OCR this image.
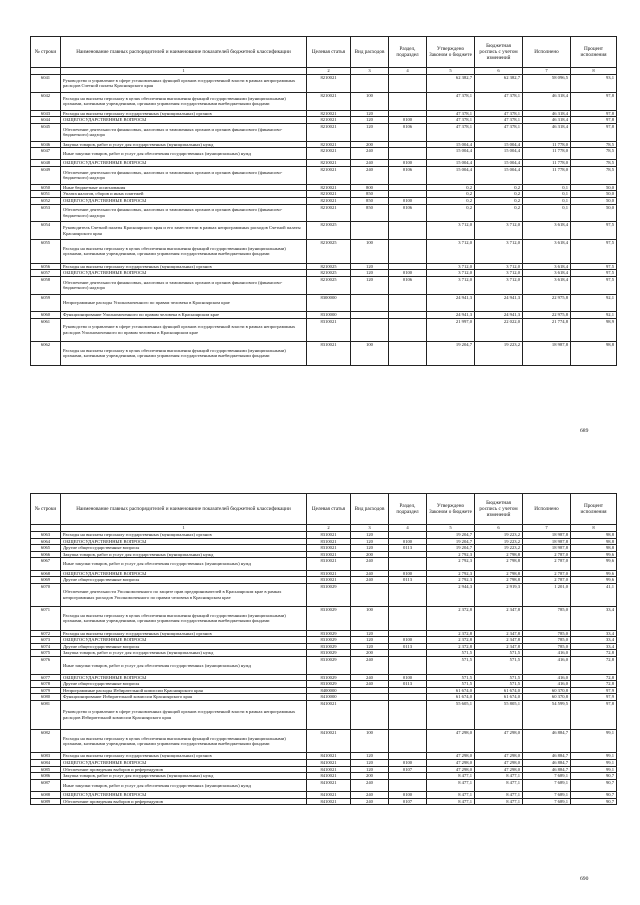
№ строки	Наименование главных распорядителей и наименование показателей бюджетной классификации	Целевая статья	Вид расходов	Раздел, подраздел	Утверждено Законом о бюджете	Бюджетная роспись с учетом изменений	Исполнено	Процент исполнения
	1	2	3	4	5	6	7	8
6041	Руководство и управление в сфере установленных функций органов государственной власти в рамках непрограммных расходов Счетной палаты Красноярского края	8210021			62 382,7	62 382,7	58 096,5	93,1
6042	Расходы на выплаты персоналу в целях обеспечения выполнения функций государственными (муниципальными) органами, казенными учреждениями, органами управления государственными внебюджетными фондами	8210021	100		47 378,1	47 378,1	46 318,4	97,8
6043	Расходы на выплаты персоналу государственных (муниципальных) органов	8210021	120		47 378,1	47 378,1	46 318,4	97,8
6044	ОБЩЕГОСУДАРСТВЕННЫЕ ВОПРОСЫ	8210021	120	0100	47 378,1	47 378,1	46 318,4	97,8
6045	Обеспечение деятельности финансовых, налоговых и таможенных органов и органов финансового (финансово-бюджетного) надзора	8210021	120	0106	47 378,1	47 378,1	46 318,4	97,8
6046	Закупка товаров, работ и услуг для государственных (муниципальных) нужд	8210021	200		15 004,4	15 004,4	11 778,0	78,5
6047	Иные закупки товаров, работ и услуг для обеспечения государственных (муниципальных) нужд	8210021	240		15 004,4	15 004,4	11 778,0	78,5
6048	ОБЩЕГОСУДАРСТВЕННЫЕ ВОПРОСЫ	8210021	240	0100	15 004,4	15 004,4	11 778,0	78,5
6049	Обеспечение деятельности финансовых, налоговых и таможенных органов и органов финансового (финансово-бюджетного) надзора	8210021	240	0106	15 004,4	15 004,4	11 778,0	78,5
6050	Иные бюджетные ассигнования	8210021	800		0,2	0,2	0,1	50,0
6051	Уплата налогов, сборов и иных платежей	8210021	850		0,2	0,2	0,1	50,0
6052	ОБЩЕГОСУДАРСТВЕННЫЕ ВОПРОСЫ	8210021	850	0100	0,2	0,2	0,1	50,0
6053	Обеспечение деятельности финансовых, налоговых и таможенных органов и органов финансового (финансово-бюджетного) надзора	8210021	850	0106	0,2	0,2	0,1	50,0
6054	Руководитель Счетной палаты Красноярского края и его заместители в рамках непрограммных расходов Счетной палаты Красноярского края	8210025			3 712,0	3 712,0	3 618,4	97,5
6055	Расходы на выплаты персоналу в целях обеспечения выполнения функций государственными (муниципальными) органами, казенными учреждениями, органами управления государственными внебюджетными фондами	8210025	100		3 712,0	3 712,0	3 618,4	97,5
6056	Расходы на выплаты персоналу государственных (муниципальных) органов	8210025	120		3 712,0	3 712,0	3 618,4	97,5
6057	ОБЩЕГОСУДАРСТВЕННЫЕ ВОПРОСЫ	8210025	120	0100	3 712,0	3 712,0	3 618,4	97,5
6058	Обеспечение деятельности финансовых, налоговых и таможенных органов и органов финансового (финансово-бюджетного) надзора	8210025	120	0106	3 712,0	3 712,0	3 618,4	97,5
6059	Непрограммные расходы Уполномоченного по правам человека в Красноярском крае	8300000			24 941,3	24 941,3	22 975,8	92,1
6060	Функционирование Уполномоченного по правам человека в Красноярском крае	8310000			24 941,3	24 941,3	22 975,8	92,1
6061	Руководство и управление в сфере установленных функций органов государственной власти в рамках непрограммных расходов Уполномоченного по правам человека в Красноярском крае	8310021			21 997,0	22 022,0	21 774,8	98,9
6062	Расходы на выплаты персоналу в целях обеспечения выполнения функций государственными (муниципальными) органами, казенными учреждениями, органами управления государственными внебюджетными фондами	8310021	100		19 204,7	19 223,2	18 987,8	98,8
689
№ строки	Наименование главных распорядителей и наименование показателей бюджетной классификации	Целевая статья	Вид расходов	Раздел, подраздел	Утверждено Законом о бюджете	Бюджетная роспись с учетом изменений	Исполнено	Процент исполнения
	1	2	3	4	5	6	7	8
6063	Расходы на выплаты персоналу государственных (муниципальных) органов	8310021	120		19 204,7	19 223,2	18 987,8	98,8
6064	ОБЩЕГОСУДАРСТВЕННЫЕ ВОПРОСЫ	8310021	120	0100	19 204,7	19 223,2	18 987,8	98,8
6065	Другие общегосударственные вопросы	8310021	120	0113	19 204,7	19 223,2	18 987,8	98,8
6066	Закупка товаров, работ и услуг для государственных (муниципальных) нужд	8310021	200		2 792,3	2 798,8	2 787,0	99,6
6067	Иные закупки товаров, работ и услуг для обеспечения государственных (муниципальных) нужд	8310021	240		2 792,3	2 798,8	2 787,0	99,6
6068	ОБЩЕГОСУДАРСТВЕННЫЕ ВОПРОСЫ	8310021	240	0100	2 792,3	2 798,8	2 787,0	99,6
6069	Другие общегосударственные вопросы	8310021	240	0113	2 792,3	2 798,8	2 787,0	99,6
6070	Обеспечение деятельности Уполномоченного по защите прав предпринимателей в Красноярском крае в рамках непрограммных расходов Уполномоченного по правам человека в Красноярском крае	8310029			2 944,3	2 919,3	1 201,0	41,1
6071	Расходы на выплаты персоналу в целях обеспечения выполнения функций государственными (муниципальными) органами, казенными учреждениями, органами управления государственными внебюджетными фондами	8310029	100		2 372,8	2 347,8	785,0	33,4
6072	Расходы на выплаты персоналу государственных (муниципальных) органов	8310029	120		2 372,8	2 347,8	785,0	33,4
6073	ОБЩЕГОСУДАРСТВЕННЫЕ ВОПРОСЫ	8310029	120	0100	2 372,8	2 347,8	785,0	33,4
6074	Другие общегосударственные вопросы	8310029	120	0113	2 372,8	2 347,8	785,0	33,4
6075	Закупка товаров, работ и услуг для государственных (муниципальных) нужд	8310029	200		571,5	571,5	416,0	72,8
6076	Иные закупки товаров, работ и услуг для обеспечения государственных (муниципальных) нужд	8310029	240		571,5	571,5	416,0	72,8
6077	ОБЩЕГОСУДАРСТВЕННЫЕ ВОПРОСЫ	8310029	240	0100	571,5	571,5	416,0	72,8
6078	Другие общегосударственные вопросы	8310029	240	0113	571,5	571,5	416,0	72,8
6079	Непрограммные расходы Избирательной комиссии Красноярского края	8400000			61 674,0	61 674,0	60 370,8	97,9
6080	Функционирование Избирательной комиссии Красноярского края	8410000			61 674,0	61 674,0	60 370,8	97,9
6081	Руководство и управление в сфере установленных функций органов государственной власти в рамках непрограммных расходов Избирательной комиссии Красноярского края	8410021			55 605,1	55 805,1	54 599,5	97,8
6082	Расходы на выплаты персоналу в целях обеспечения выполнения функций государственными (муниципальными) органами, казенными учреждениями, органами управления государственными внебюджетными фондами	8410021	100		47 298,0	47 298,0	46 884,7	99,1
6083	Расходы на выплаты персоналу государственных (муниципальных) органов	8410021	120		47 298,0	47 298,0	46 884,7	99,1
6084	ОБЩЕГОСУДАРСТВЕННЫЕ ВОПРОСЫ	8410021	120	0100	47 298,0	47 298,0	46 884,7	99,1
6085	Обеспечение проведения выборов и референдумов	8410021	120	0107	47 298,0	47 298,0	46 884,7	99,1
6086	Закупка товаров, работ и услуг для государственных (муниципальных) нужд	8410021	200		8 477,1	8 477,1	7 689,1	90,7
6087	Иные закупки товаров, работ и услуг для обеспечения государственных (муниципальных) нужд	8410021	240		8 477,1	8 477,1	7 689,1	90,7
6088	ОБЩЕГОСУДАРСТВЕННЫЕ ВОПРОСЫ	8410021	240	0100	8 477,1	8 477,1	7 689,1	90,7
6089	Обеспечение проведения выборов и референдумов	8410021	240	0107	8 477,1	8 477,1	7 689,1	90,7
690
